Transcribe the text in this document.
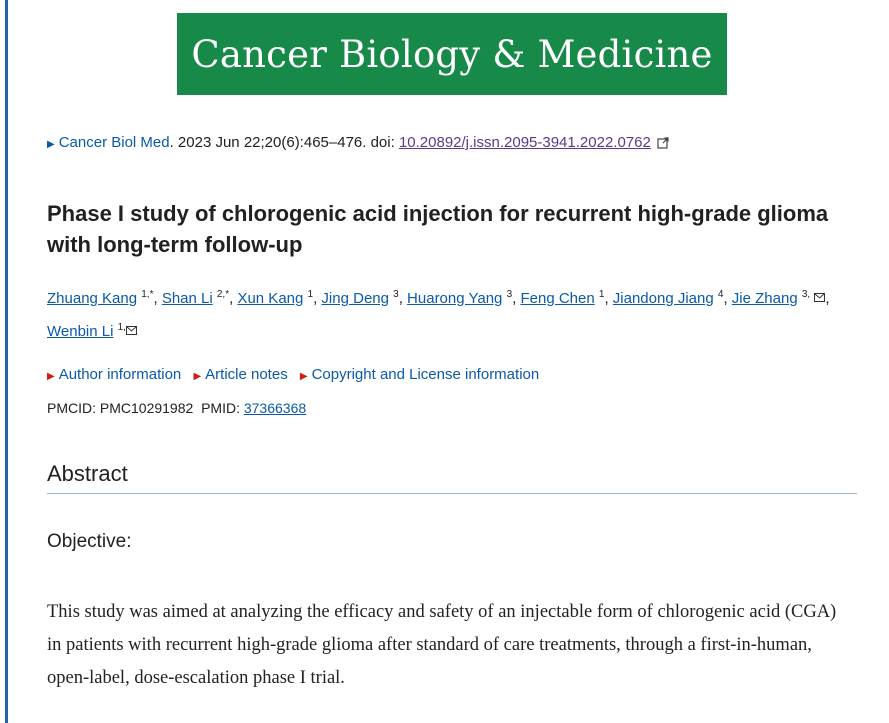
Cancer Biology & Medicine
▶ Cancer Biol Med. 2023 Jun 22;20(6):465–476. doi: 10.20892/j.issn.2095-3941.2022.0762
Phase I study of chlorogenic acid injection for recurrent high-grade glioma with long-term follow-up
Zhuang Kang $^{1,*}$, Shan Li $^{2,*}$, Xun Kang $^1$, Jing Deng $^3$, Huarong Yang $^3$, Feng Chen $^1$, Jiandong Jiang $^4$, Jie Zhang $^{3,}$ , Wenbin Li $^{1,}$
▶ Author information ▶ Article notes ▶ Copyright and License information
PMCID: PMC10291982 PMID: 37366368
Abstract
Objective:
This study was aimed at analyzing the efficacy and safety of an injectable form of chlorogenic acid (CGA) in patients with recurrent high-grade glioma after standard of care treatments, through a first-in-human, open-label, dose-escalation phase I trial.
